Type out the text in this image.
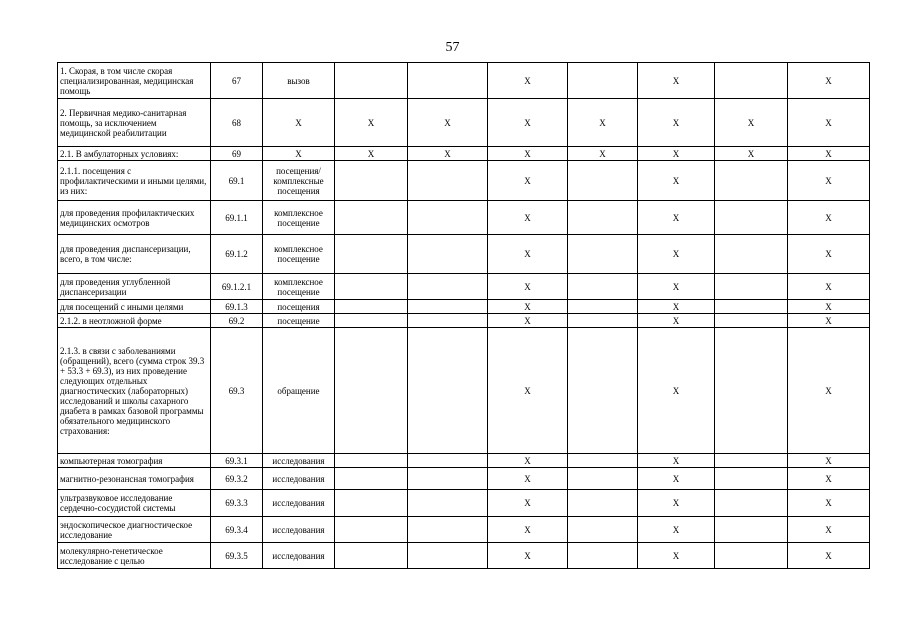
57
1. Скорая, в том числе скорая специализированная, медицинская помощь	67	вызов			X		X		X
2. Первичная медико-санитарная помощь, за исключением медицинской реабилитации	68	X	X	X	X	X	X	X	X
2.1. В амбулаторных условиях:	69	X	X	X	X	X	X	X	X
2.1.1. посещения с профилактическими и иными целями, из них:	69.1	посещения/комплексные посещения			X		X		X
для проведения профилактических медицинских осмотров	69.1.1	комплексное посещение			X		X		X
для проведения диспансеризации, всего, в том числе:	69.1.2	комплексное посещение			X		X		X
для проведения углубленной диспансеризации	69.1.2.1	комплексное посещение			X		X		X
для посещений с иными целями	69.1.3	посещения			X		X		X
2.1.2. в неотложной форме	69.2	посещение			X		X		X
2.1.3. в связи с заболеваниями (обращений), всего (сумма строк 39.3 + 53.3 + 69.3), из них проведение следующих отдельных диагностических (лабораторных) исследований и школы сахарного диабета в рамках базовой программы обязательного медицинского страхования:	69.3	обращение			X		X		X
компьютерная томография	69.3.1	исследования			X		X		X
магнитно-резонансная томография	69.3.2	исследования			X		X		X
ультразвуковое исследование сердечно-сосудистой системы	69.3.3	исследования			X		X		X
эндоскопическое диагностическое исследование	69.3.4	исследования			X		X		X
молекулярно-генетическое исследование с целью	69.3.5	исследования			X		X		X
